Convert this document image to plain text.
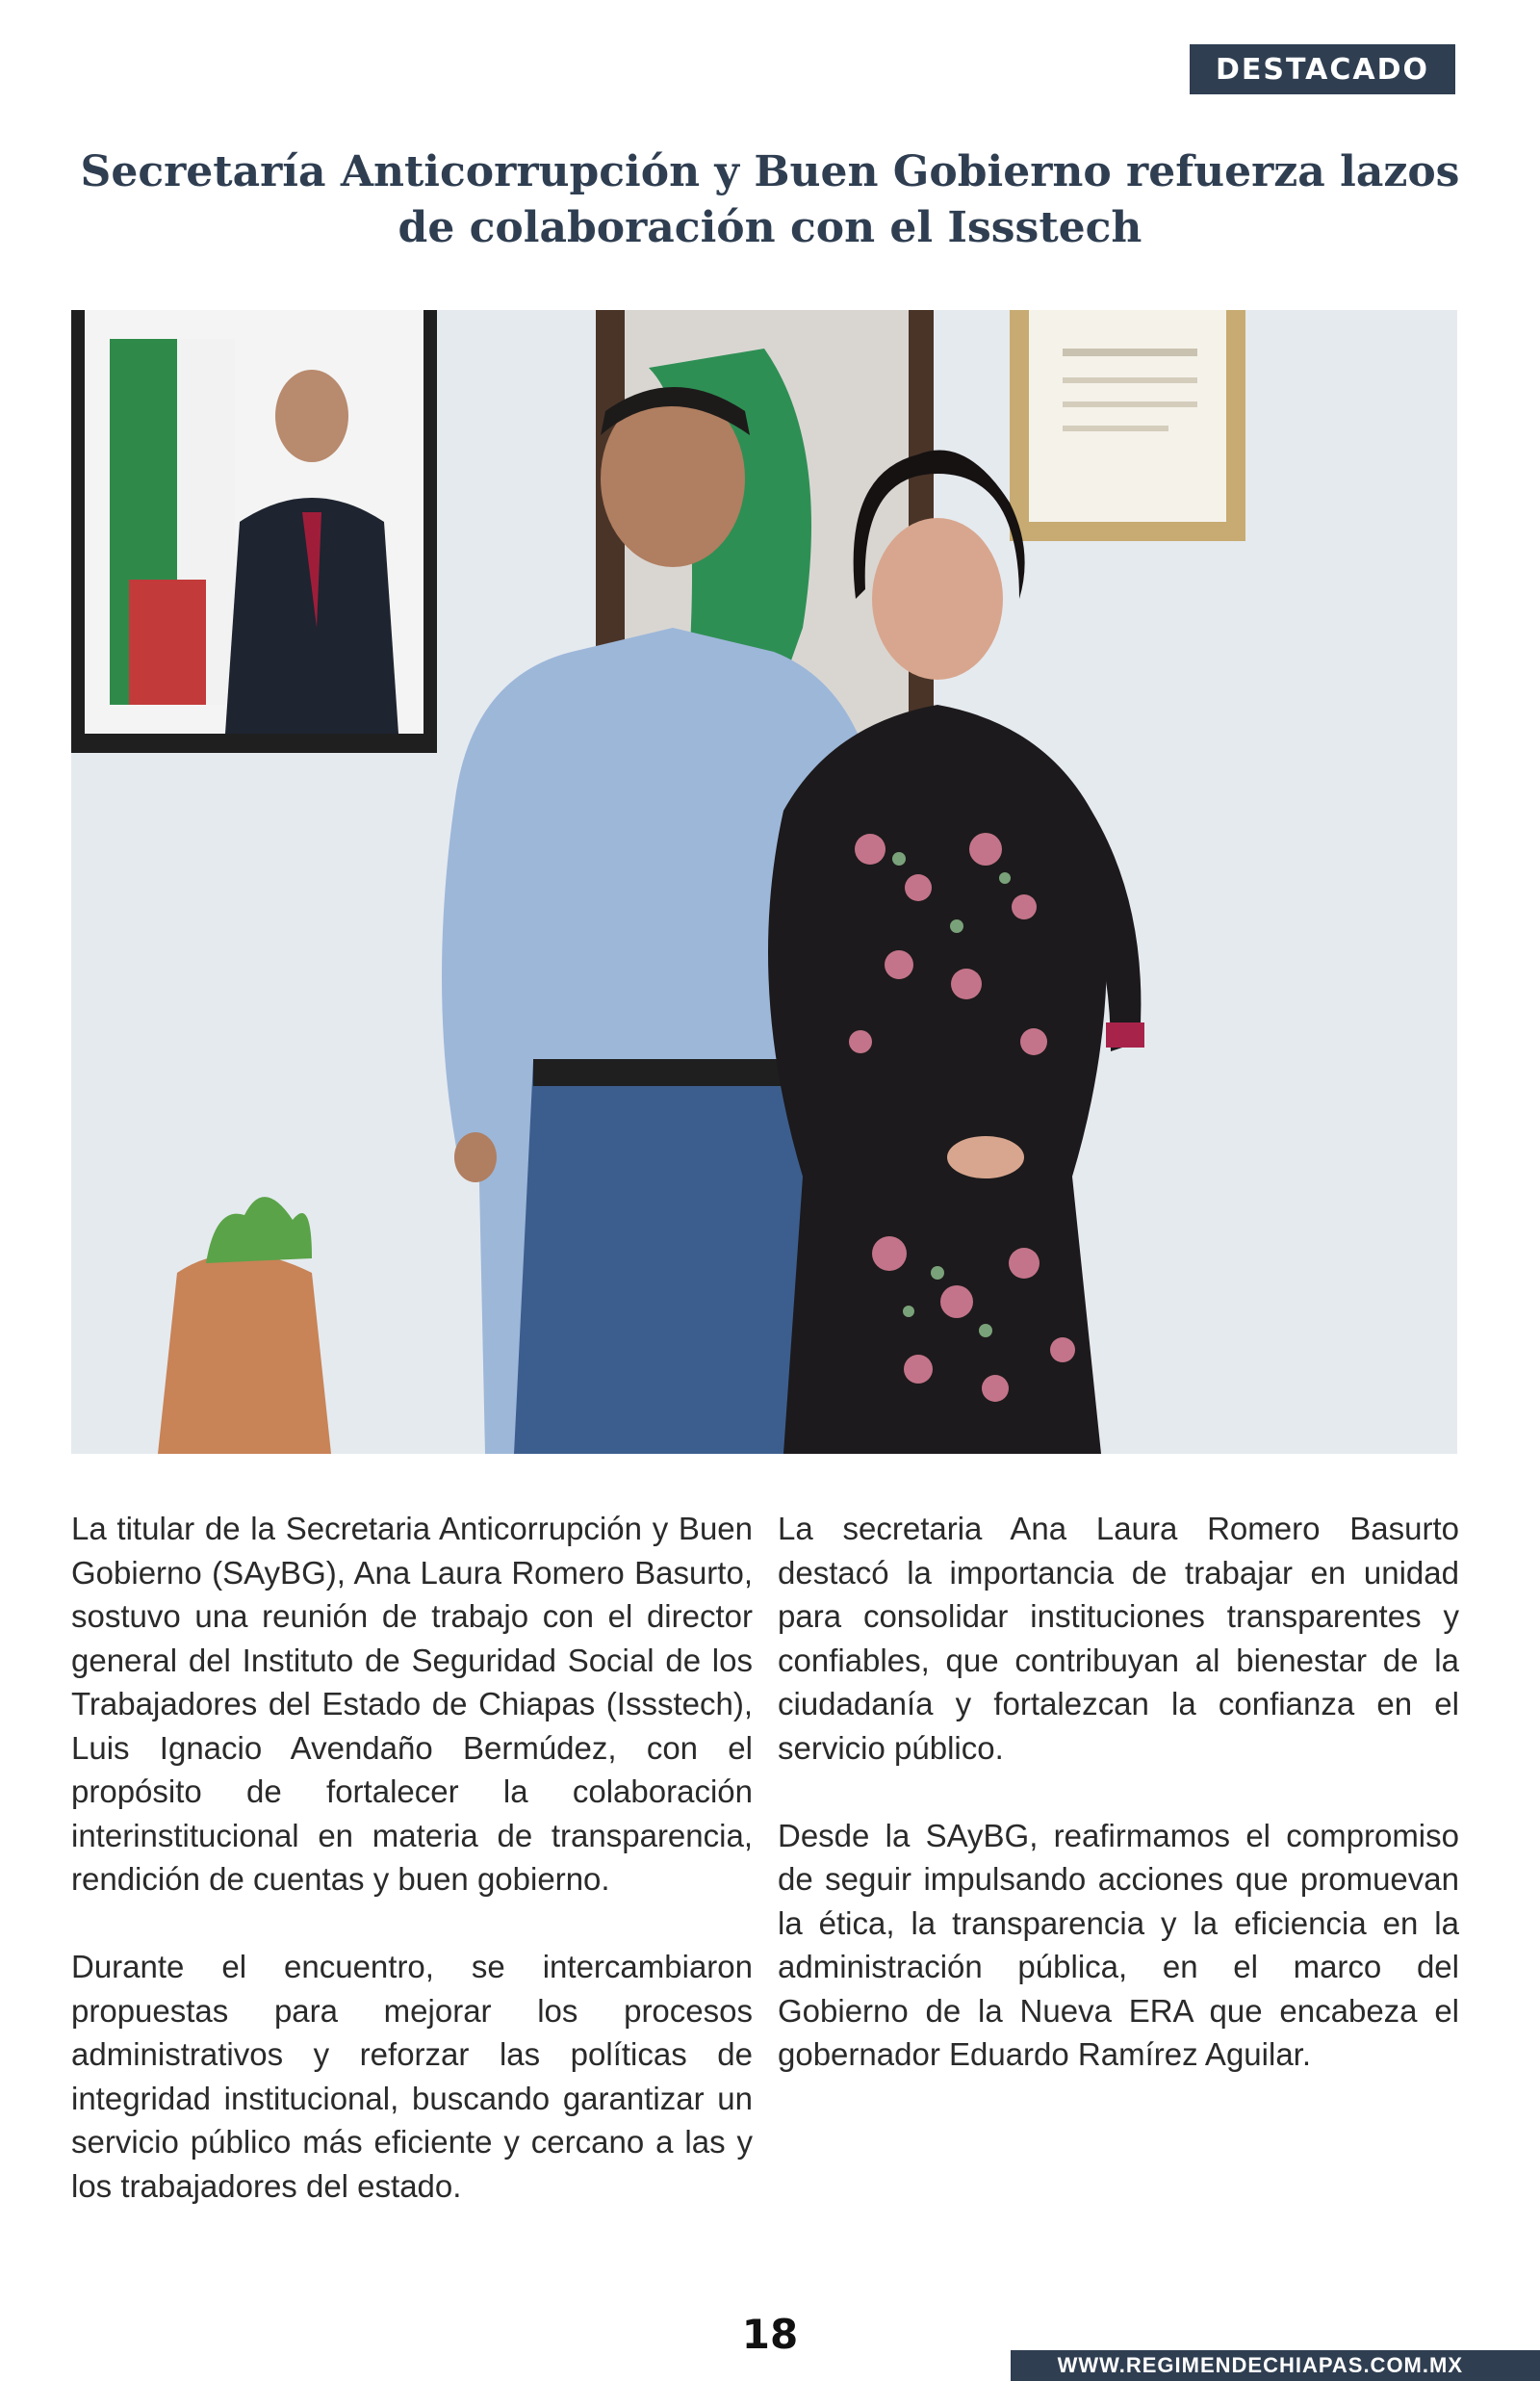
DESTACADO
Secretaría Anticorrupción y Buen Gobierno refuerza lazos de colaboración con el Issstech

La titular de la Secretaria Anticorrupción y Buen Gobierno (SAyBG), Ana Laura Romero Basurto, sostuvo una reunión de trabajo con el director general del Instituto de Seguridad Social de los Trabajadores del Estado de Chiapas (Issstech), Luis Ignacio Avendaño Bermúdez, con el propósito de fortalecer la colaboración interinstitucional en materia de transparencia, rendición de cuentas y buen gobierno.

Durante el encuentro, se intercambiaron propuestas para mejorar los procesos administrativos y reforzar las políticas de integridad institucional, buscando garantizar un servicio público más eficiente y cercano a las y los trabajadores del estado.

La secretaria Ana Laura Romero Basurto destacó la importancia de trabajar en unidad para consolidar instituciones transparentes y confiables, que contribuyan al bienestar de la ciudadanía y fortalezcan la confianza en el servicio público.

Desde la SAyBG, reafirmamos el compromiso de seguir impulsando acciones que promuevan la ética, la transparencia y la eficiencia en la administración pública, en el marco del Gobierno de la Nueva ERA que encabeza el gobernador Eduardo Ramírez Aguilar.

18
WWW.REGIMENDECHIAPAS.COM.MX
